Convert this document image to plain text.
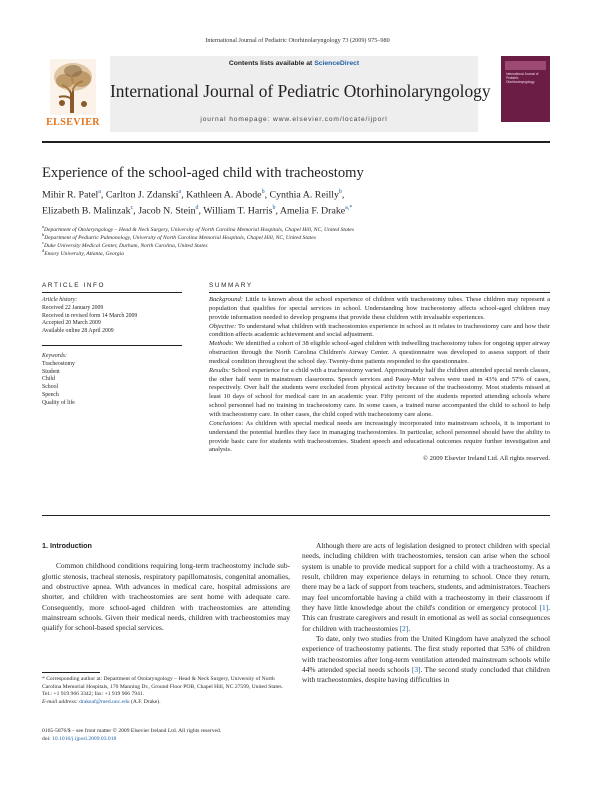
International Journal of Pediatric Otorhinolaryngology 73 (2009) 975–980
ELSEVIER
Contents lists available at ScienceDirect
International Journal of Pediatric Otorhinolaryngology
journal homepage: www.elsevier.com/locate/ijporl
International Journal of Pediatric Otorhinolaryngology
Experience of the school-aged child with tracheostomy
Mihir R. Patel$^a$, Carlton J. Zdanski$^a$, Kathleen A. Abode$^b$, Cynthia A. Reilly$^b$,
Elizabeth B. Malinzak$^c$, Jacob N. Stein$^d$, William T. Harris$^b$, Amelia F. Drake$^{a,*}$
$^a$Department of Otolaryngology – Head & Neck Surgery, University of North Carolina Memorial Hospitals, Chapel Hill, NC, United States
$^b$Department of Pediatric Pulmonology, University of North Carolina Memorial Hospitals, Chapel Hill, NC, United States
$^c$Duke University Medical Center, Durham, North Carolina, United States
$^d$Emory University, Atlanta, Georgia
ARTICLE INFO	SUMMARY
Article history:
Received 22 January 2009
Received in revised form 14 March 2009
Accepted 20 March 2009
Available online 28 April 2009
Keywords:
Tracheostomy
Student
Child
School
Speech
Quality of life
Background: Little is known about the school experience of children with tracheostomy tubes. These children may represent a population that qualifies for special services in school. Understanding how tracheostomy affects school-aged children may provide information needed to develop programs that provide these children with invaluable experiences.
Objective: To understand what children with tracheostomies experience in school as it relates to tracheostomy care and how their condition affects academic achievement and social adjustment.
Methods: We identified a cohort of 38 eligible school-aged children with indwelling tracheostomy tubes for ongoing upper airway obstruction through the North Carolina Children's Airway Center. A questionnaire was developed to assess support of their medical condition throughout the school day. Twenty-three patients responded to the questionnaire.
Results: School experience for a child with a tracheostomy varied. Approximately half the children attended special needs classes, the other half were in mainstream classrooms. Speech services and Passy-Muir valves were used in 43% and 57% of cases, respectively. Over half the students were excluded from physical activity because of the tracheostomy. Most students missed at least 10 days of school for medical care in an academic year. Fifty percent of the students reported attending schools where school personnel had no training in tracheostomy care. In some cases, a trained nurse accompanied the child to school to help with tracheostomy care. In other cases, the child coped with tracheostomy care alone.
Conclusions: As children with special medical needs are increasingly incorporated into mainstream schools, it is important to understand the potential hurdles they face in managing tracheostomies. In particular, school personnel should have the ability to provide basic care for students with tracheostomies. Student speech and educational outcomes require further investigation and analysis.
© 2009 Elsevier Ireland Ltd. All rights reserved.
1. Introduction
Common childhood conditions requiring long-term tracheostomy include sub-glottic stenosis, tracheal stenosis, respiratory papillomatosis, congenital anomalies, and obstructive apnea. With advances in medical care, hospital admissions are shorter, and children with tracheostomies are sent home with adequate care. Consequently, more school-aged children with tracheostomies are attending mainstream schools. Given their medical needs, children with tracheostomies may qualify for school-based special services.
Although there are acts of legislation designed to protect children with special needs, including children with tracheostomies, tension can arise when the school system is unable to provide medical support for a child with a tracheostomy. As a result, children may experience delays in returning to school. Once they return, there may be a lack of support from teachers, students, and administrators. Teachers may feel uncomfortable having a child with a tracheostomy in their classroom if they have little knowledge about the child's condition or emergency protocol [1]. This can frustrate caregivers and result in emotional as well as social consequences for children with tracheostomies [2].
To date, only two studies from the United Kingdom have analyzed the school experience of tracheostomy patients. The first study reported that 53% of children with tracheostomies after long-term ventilation attended mainstream schools while 44% attended special needs schools [3]. The second study concluded that children with tracheostomies, despite having difficulties in
* Corresponding author at: Department of Otolaryngology – Head & Neck Surgery, University of North Carolina Memorial Hospitals, 170 Manning Dr., Ground Floor POB, Chapel Hill, NC 27599, United States. Tel.: +1 919 966 3342; fax: +1 919 966 7941.
E-mail address: drakeaf@med.unc.edu (A.F. Drake).
0165-5876/$ – see front matter © 2009 Elsevier Ireland Ltd. All rights reserved.
doi: 10.1016/j.ijporl.2009.03.018
